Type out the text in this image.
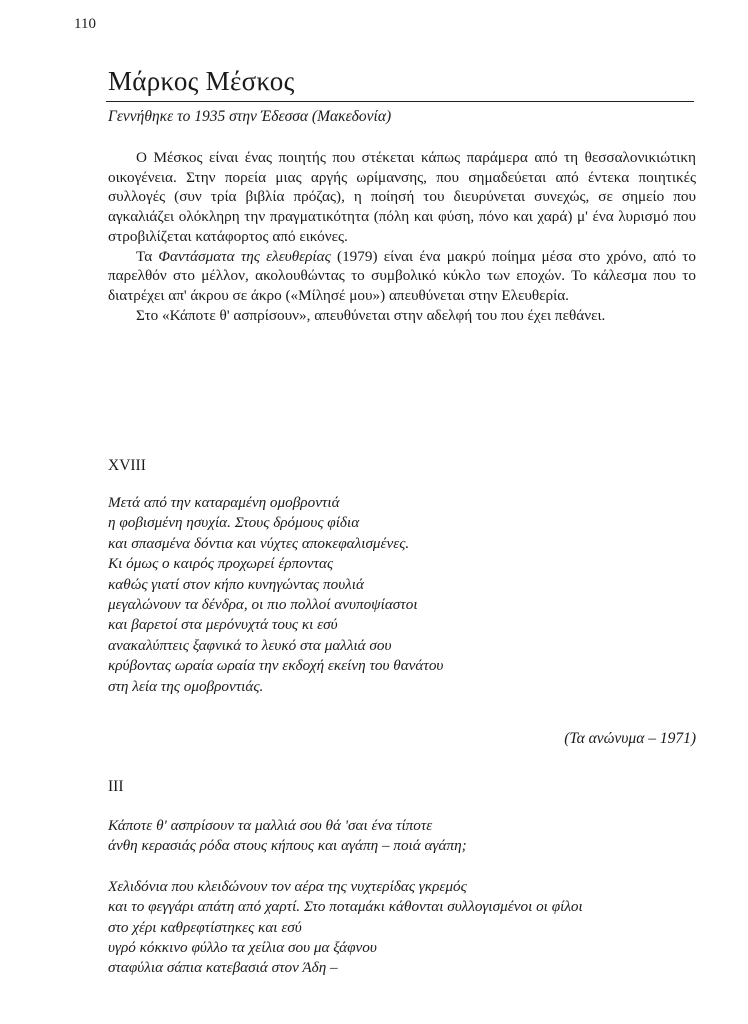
110
Μάρκος Μέσκος
Γεννήθηκε το 1935 στην Έδεσσα (Μακεδονία)

Ο Μέσκος είναι ένας ποιητής που στέκεται κάπως παράμερα από τη θεσσαλονικιώτικη οικογένεια. Στην πορεία μιας αργής ωρίμανσης, που σημαδεύεται από έντεκα ποιητικές συλλογές (συν τρία βιβλία πρόζας), η ποίησή του διευρύνεται συνεχώς, σε σημείο που αγκαλιάζει ολόκληρη την πραγματικότητα (πόλη και φύση, πόνο και χαρά) μ' ένα λυρισμό που στροβιλίζεται κατάφορτος από εικόνες.

Τα Φαντάσματα της ελευθερίας (1979) είναι ένα μακρύ ποίημα μέσα στο χρόνο, από το παρελθόν στο μέλλον, ακολουθώντας το συμβολικό κύκλο των εποχών. Το κάλεσμα που το διατρέχει απ' άκρου σε άκρο («Μίλησέ μου») απευθύνεται στην Ελευθερία.

Στο «Κάποτε θ' ασπρίσουν», απευθύνεται στην αδελφή του που έχει πεθάνει.

XVIII
Μετά από την καταραμένη ομοβροντιά
η φοβισμένη ησυχία. Στους δρόμους φίδια
και σπασμένα δόντια και νύχτες αποκεφαλισμένες.
Κι όμως ο καιρός προχωρεί έρποντας
καθώς γιατί στον κήπο κυνηγώντας πουλιά
μεγαλώνουν τα δένδρα, οι πιο πολλοί ανυποψίαστοι
και βαρετοί στα μερόνυχτά τους κι εσύ
ανακαλύπτεις ξαφνικά το λευκό στα μαλλιά σου
κρύβοντας ωραία ωραία την εκδοχή εκείνη του θανάτου
στη λεία της ομοβροντιάς.
(Τα ανώνυμα – 1971)
III
Κάποτε θ' ασπρίσουν τα μαλλιά σου θά 'σαι ένα τίποτε
άνθη κερασιάς ρόδα στους κήπους και αγάπη – ποιά αγάπη;
Χελιδόνια που κλειδώνουν τον αέρα της νυχτερίδας γκρεμός
και το φεγγάρι απάτη από χαρτί. Στο ποταμάκι κάθονται συλλογισμένοι οι φίλοι
στο χέρι καθρεφτίστηκες και εσύ
υγρό κόκκινο φύλλο τα χείλια σου μα ξάφνου
σταφύλια σάπια κατεβασιά στον Άδη –
